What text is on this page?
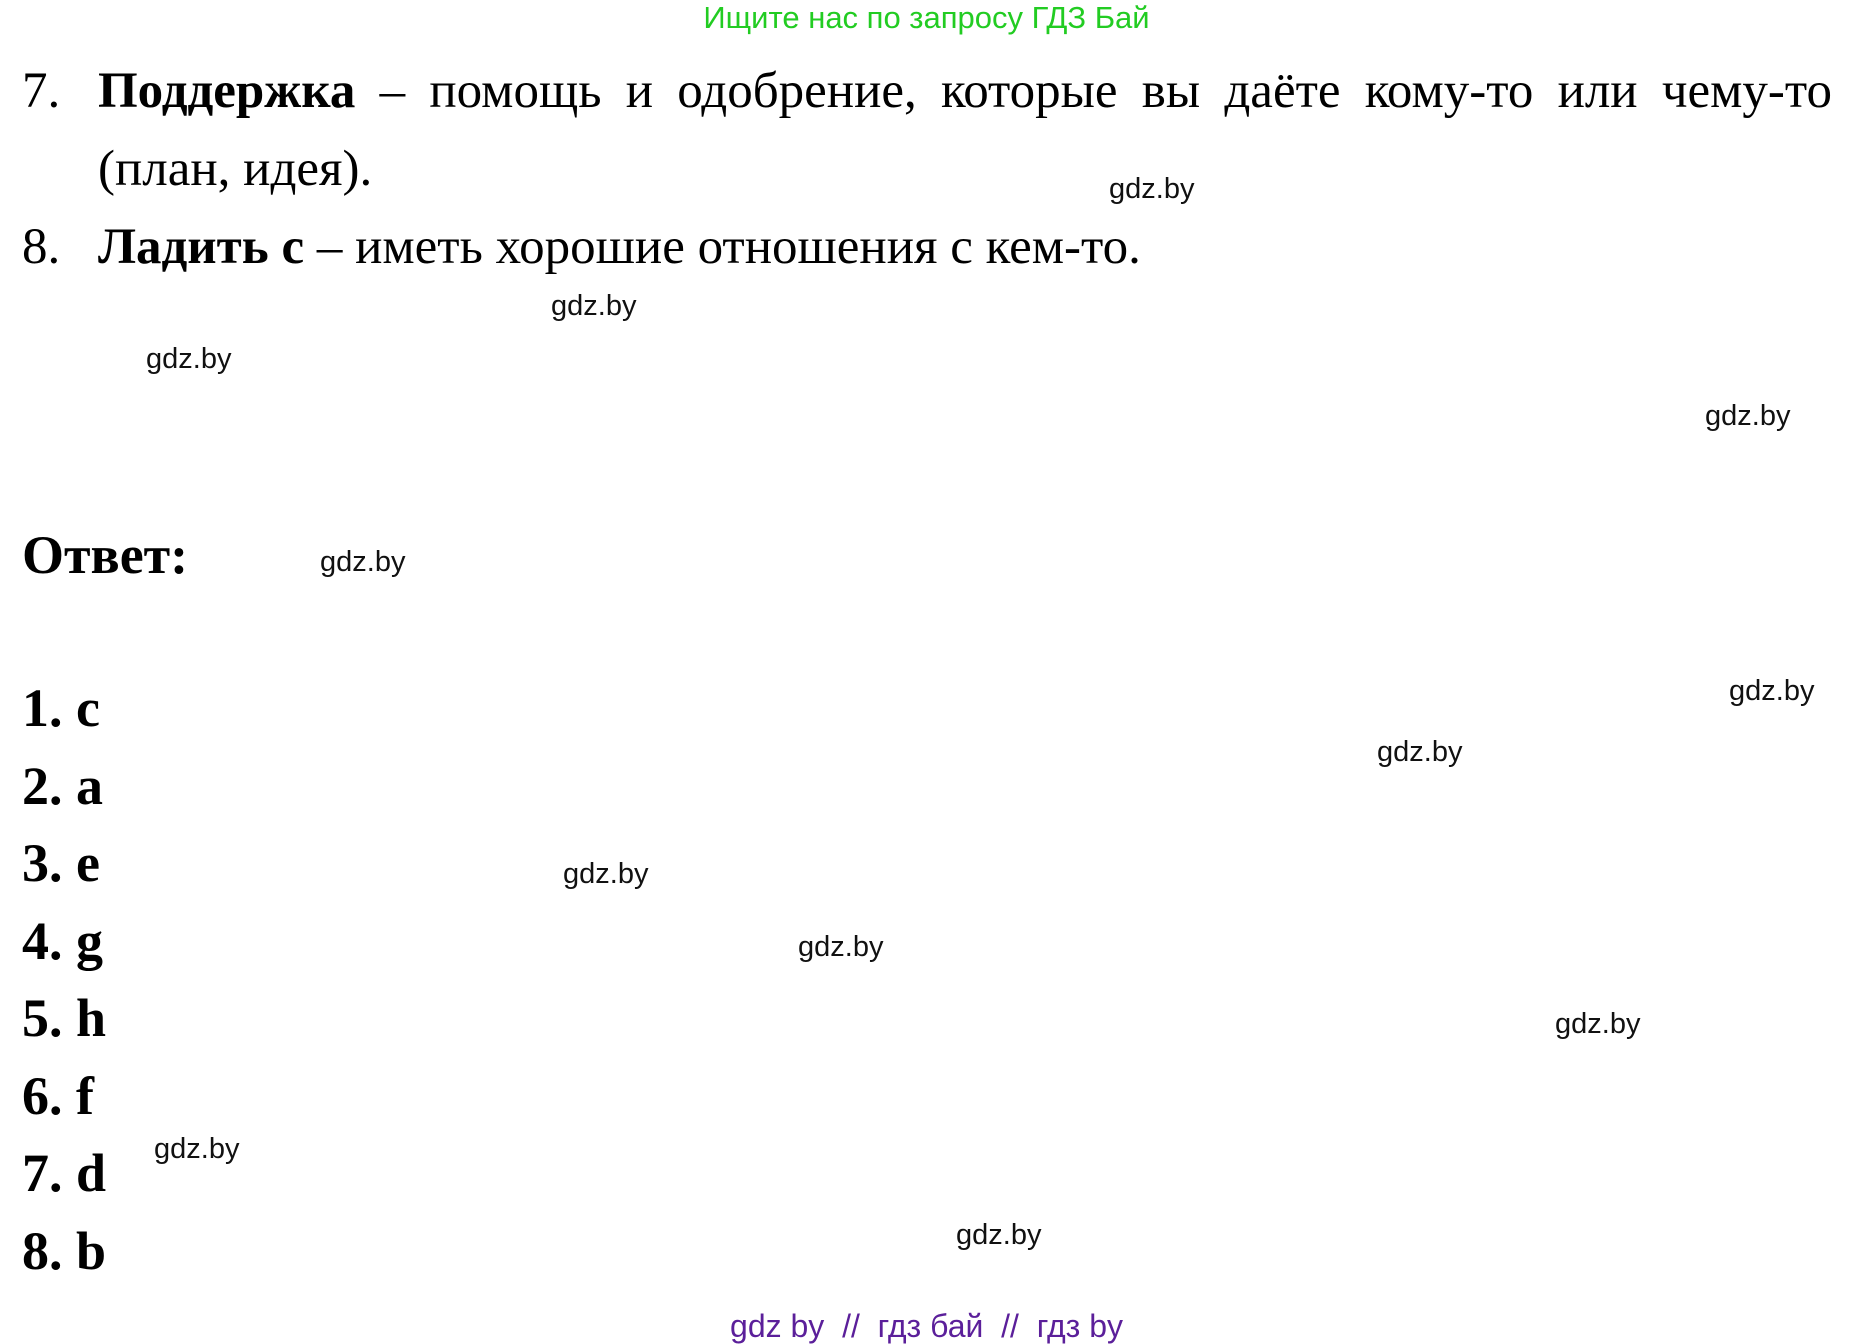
Ищите нас по запросу ГДЗ Бай
7. Поддержка – помощь и одобрение, которые вы даёте кому-то или чему-то (план, идея).
8. Ладить с – иметь хорошие отношения с кем-то.
Ответ:
1. c
2. a
3. e
4. g
5. h
6. f
7. d
8. b
gdz.by
gdz.by
gdz.by
gdz.by
gdz.by
gdz.by
gdz.by
gdz.by
gdz.by
gdz.by
gdz.by
gdz.by
gdz by  //  гдз бай  //  гдз by
